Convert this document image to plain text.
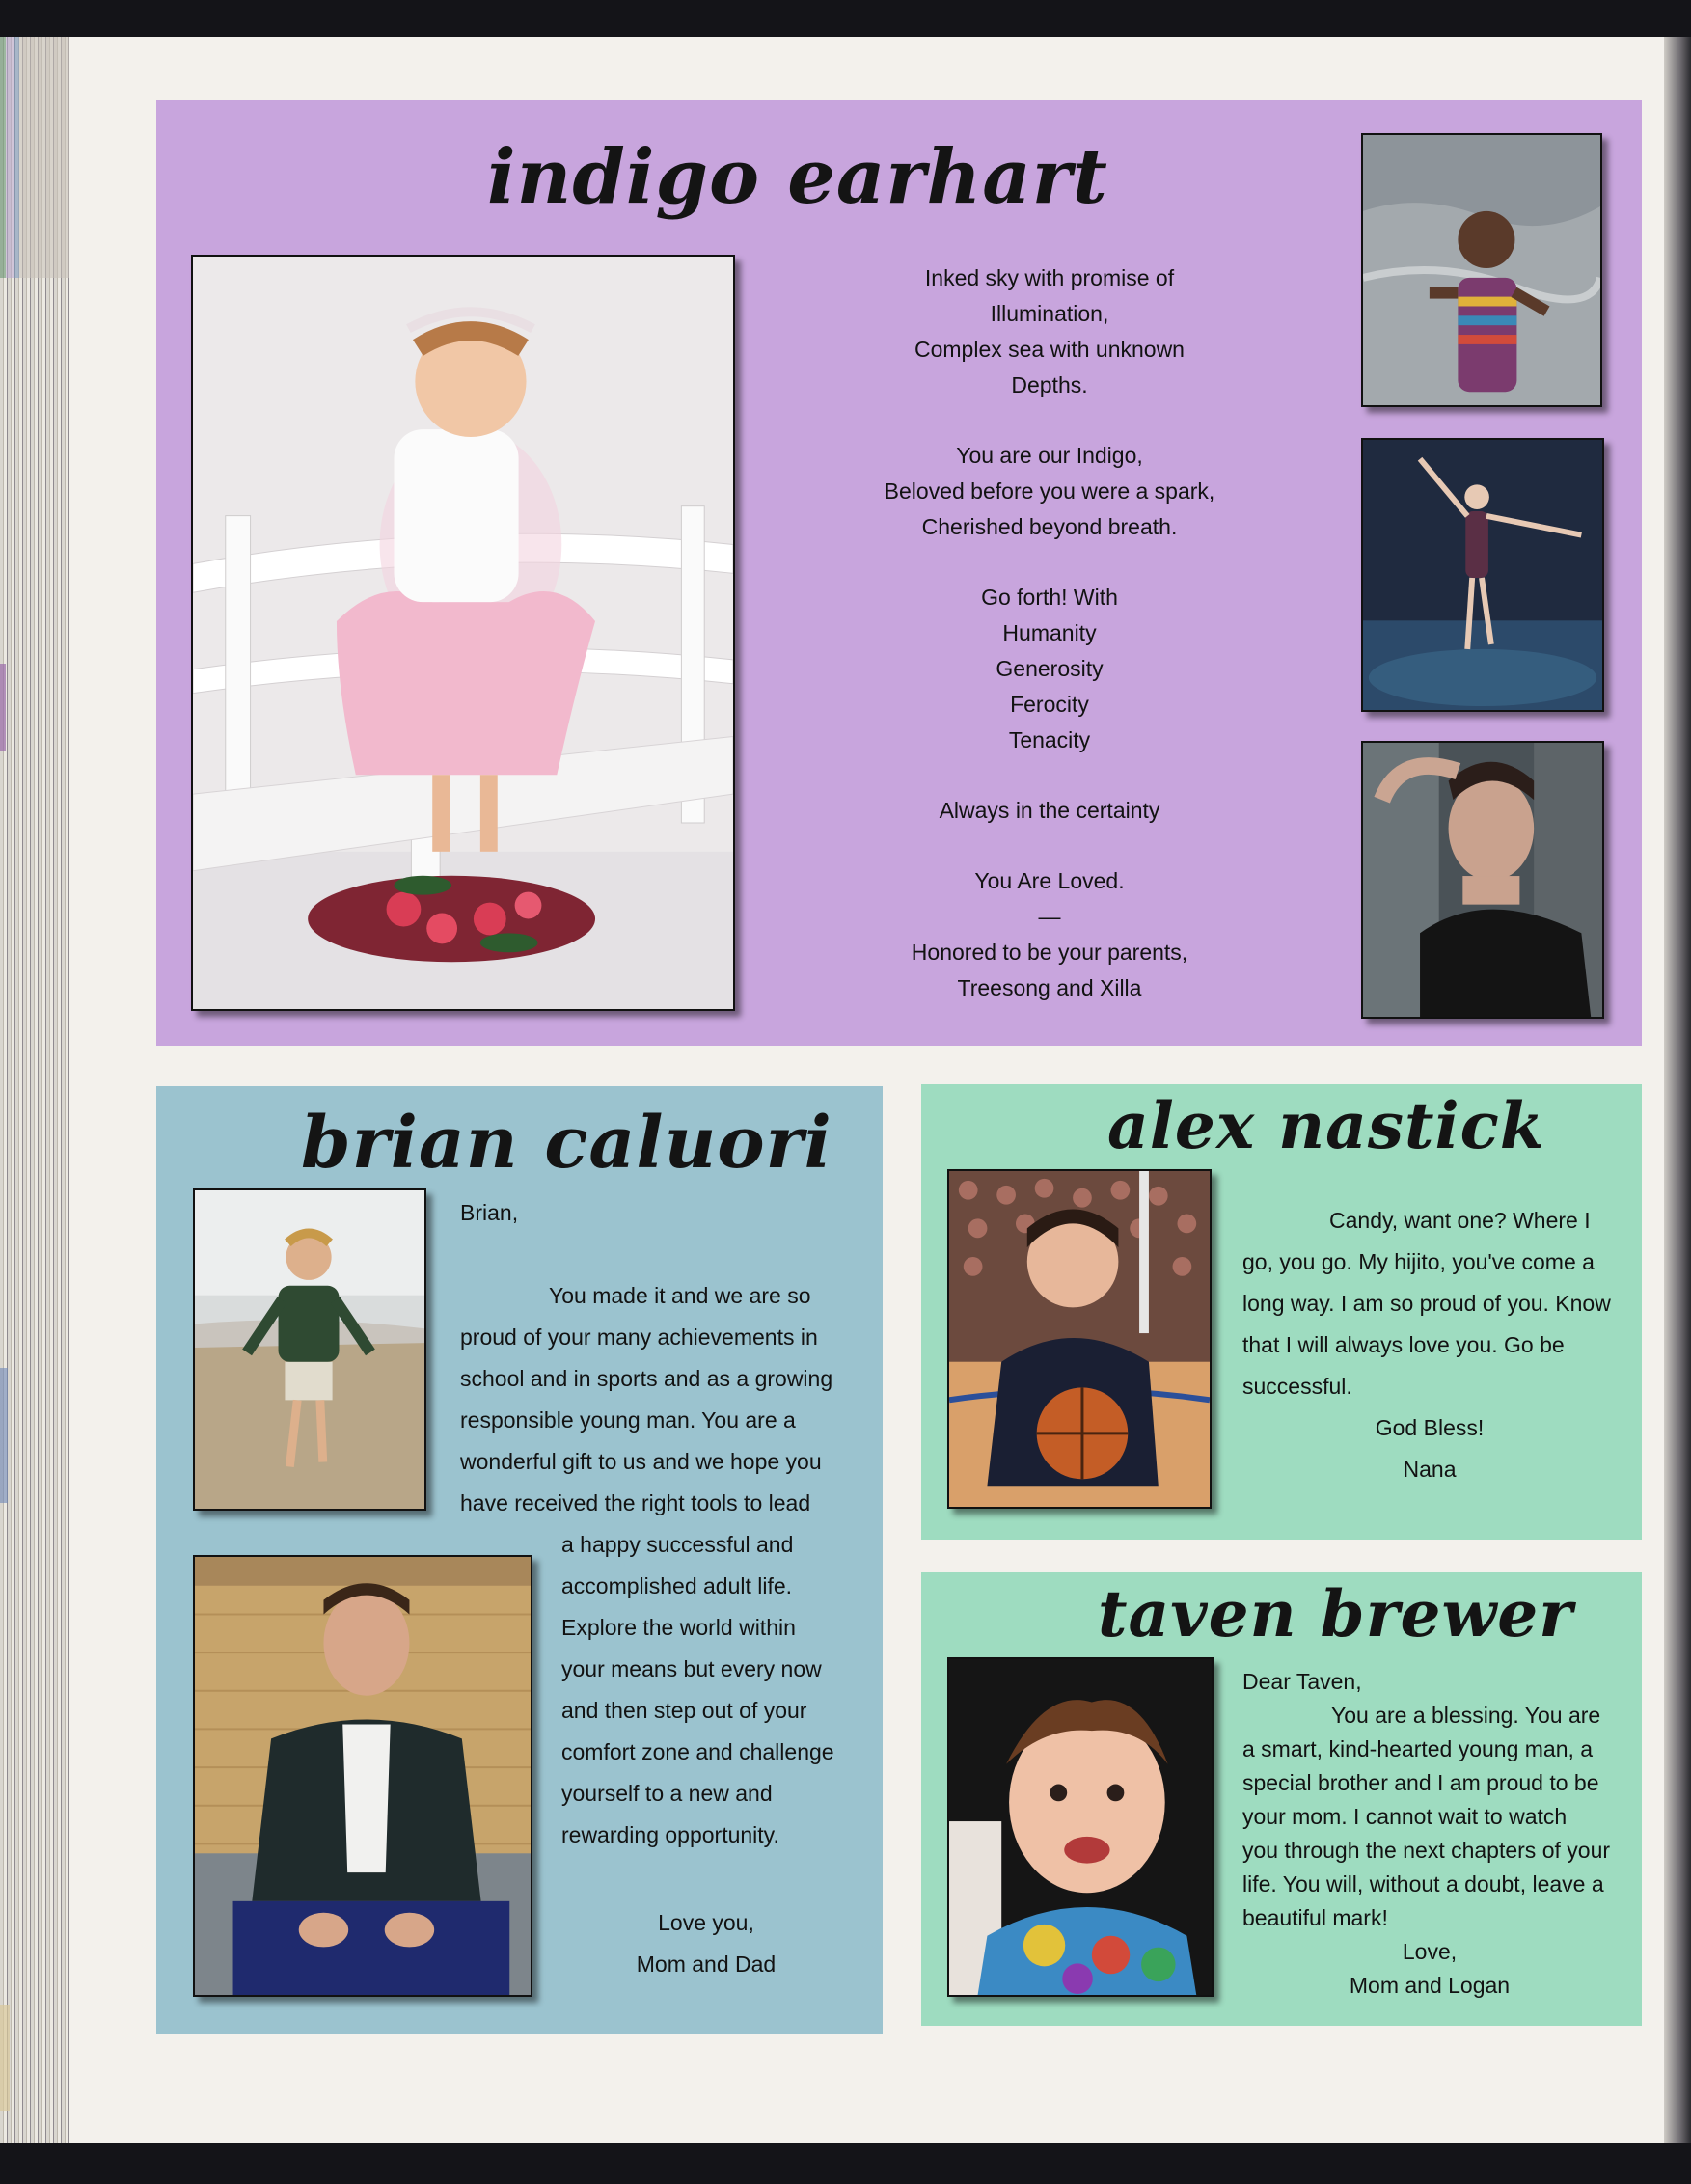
indigo earhart
Inked sky with promise of
Illumination,
Complex sea with unknown
Depths.
You are our Indigo,
Beloved before you were a spark,
Cherished beyond breath.
Go forth! With
Humanity
Generosity
Ferocity
Tenacity
Always in the certainty
You Are Loved.
—
Honored to be your parents,
Treesong and Xilla
brian caluori
Brian,
You made it and we are so
proud of your many achievements in
school and in sports and as a growing
responsible young man. You are a
wonderful gift to us and we hope you
have received the right tools to lead
a happy successful and
accomplished adult life.
Explore the world within
your means but every now
and then step out of your
comfort zone and challenge
yourself to a new and
rewarding opportunity.
Love you,
Mom and Dad
alex nastick
Candy, want one? Where I
go, you go. My hijito, you've come a
long way. I am so proud of you. Know
that I will always love you. Go be
successful.
God Bless!
Nana
taven brewer
Dear Taven,
You are a blessing. You are
a smart, kind-hearted young man, a
special brother and I am proud to be
your mom. I cannot wait to watch
you through the next chapters of your
life. You will, without a doubt, leave a
beautiful mark!
Love,
Mom and Logan
